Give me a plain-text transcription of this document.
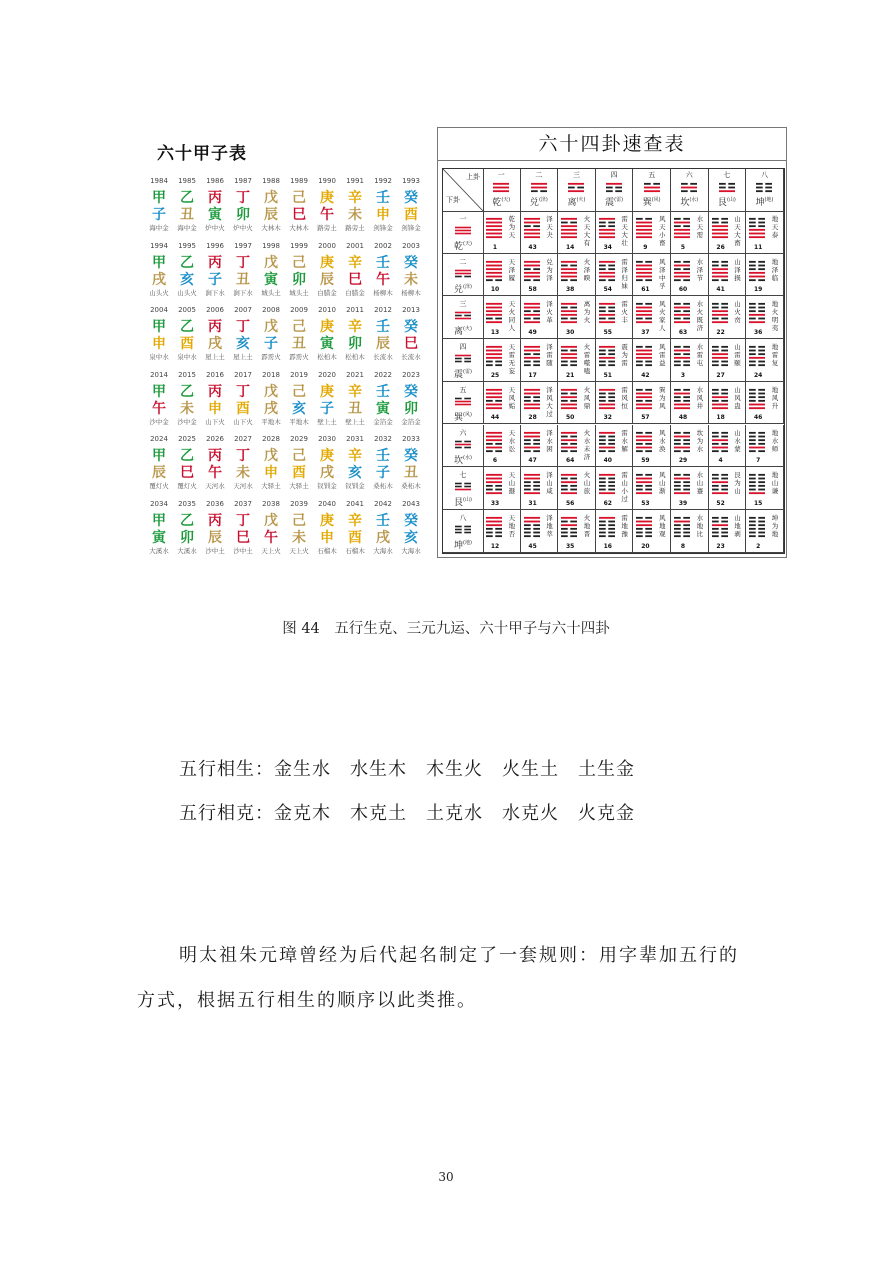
六十甲子表
1984
甲
子
海中金
1985
乙
丑
海中金
1986
丙
寅
炉中火
1987
丁
卯
炉中火
1988
戊
辰
大林木
1989
己
巳
大林木
1990
庚
午
路旁土
1991
辛
未
路旁土
1992
壬
申
剑锋金
1993
癸
酉
剑锋金
1994
甲
戌
山头火
1995
乙
亥
山头火
1996
丙
子
涧下水
1997
丁
丑
涧下水
1998
戊
寅
城头土
1999
己
卯
城头土
2000
庚
辰
白腊金
2001
辛
巳
白腊金
2002
壬
午
杨柳木
2003
癸
未
杨柳木
2004
甲
申
泉中水
2005
乙
酉
泉中水
2006
丙
戌
屋上土
2007
丁
亥
屋上土
2008
戊
子
霹雳火
2009
己
丑
霹雳火
2010
庚
寅
松柏木
2011
辛
卯
松柏木
2012
壬
辰
长流水
2013
癸
巳
长流水
2014
甲
午
沙中金
2015
乙
未
沙中金
2016
丙
申
山下火
2017
丁
酉
山下火
2018
戊
戌
平地木
2019
己
亥
平地木
2020
庚
子
壁上土
2021
辛
丑
壁上土
2022
壬
寅
金箔金
2023
癸
卯
金箔金
2024
甲
辰
覆灯火
2025
乙
巳
覆灯火
2026
丙
午
天河水
2027
丁
未
天河水
2028
戊
申
大驿土
2029
己
酉
大驿土
2030
庚
戌
钗钏金
2031
辛
亥
钗钏金
2032
壬
子
桑柘木
2033
癸
丑
桑柘木
2034
甲
寅
大溪水
2035
乙
卯
大溪水
2036
丙
辰
沙中土
2037
丁
巳
沙中土
2038
戊
午
天上火
2039
己
未
天上火
2040
庚
申
石榴木
2041
辛
酉
石榴木
2042
壬
戌
大海水
2043
癸
亥
大海水
六十四卦速查表
上卦
下卦
一
乾$^{(天)}$
二
兑$^{(泽)}$
三
离$^{(火)}$
四
震$^{(雷)}$
五
巽$^{(风)}$
六
坎$^{(水)}$
七
艮$^{(山)}$
八
坤$^{(地)}$
一
乾$^{(天)}$
乾为天
1
泽天夬
43
火天大有
14
雷天大壮
34
风天小畜
9
水天需
5
山天大畜
26
地天泰
11
二
兑$^{(泽)}$
天泽履
10
兑为泽
58
火泽睽
38
雷泽归妹
54
风泽中孚
61
水泽节
60
山泽损
41
地泽临
19
三
离$^{(火)}$
天火同人
13
泽火革
49
离为火
30
雷火丰
55
风火家人
37
水火既济
63
山火贲
22
地火明夷
36
四
震$^{(雷)}$
天雷无妄
25
泽雷随
17
火雷噬嗑
21
震为雷
51
风雷益
42
水雷屯
3
山雷颐
27
地雷复
24
五
巽$^{(风)}$
天风姤
44
泽风大过
28
火风鼎
50
雷风恒
32
巽为风
57
水风井
48
山风蛊
18
地风升
46
六
坎$^{(水)}$
天水讼
6
泽水困
47
火水未济
64
雷水解
40
风水涣
59
坎为水
29
山水蒙
4
地水师
7
七
艮$^{(山)}$
天山遯
33
泽山咸
31
火山旅
56
雷山小过
62
风山渐
53
水山蹇
39
艮为山
52
地山谦
15
八
坤$^{(地)}$
天地否
12
泽地萃
45
火地晋
35
雷地豫
16
风地观
20
水地比
8
山地剥
23
坤为地
2
图 44　五行生克、三元九运、六十甲子与六十四卦
五行相生：金生水　水生木　木生火　火生土　土生金
五行相克：金克木　木克土　土克水　水克火　火克金
明太祖朱元璋曾经为后代起名制定了一套规则：用字辈加五行的
方式，根据五行相生的顺序以此类推。
30
